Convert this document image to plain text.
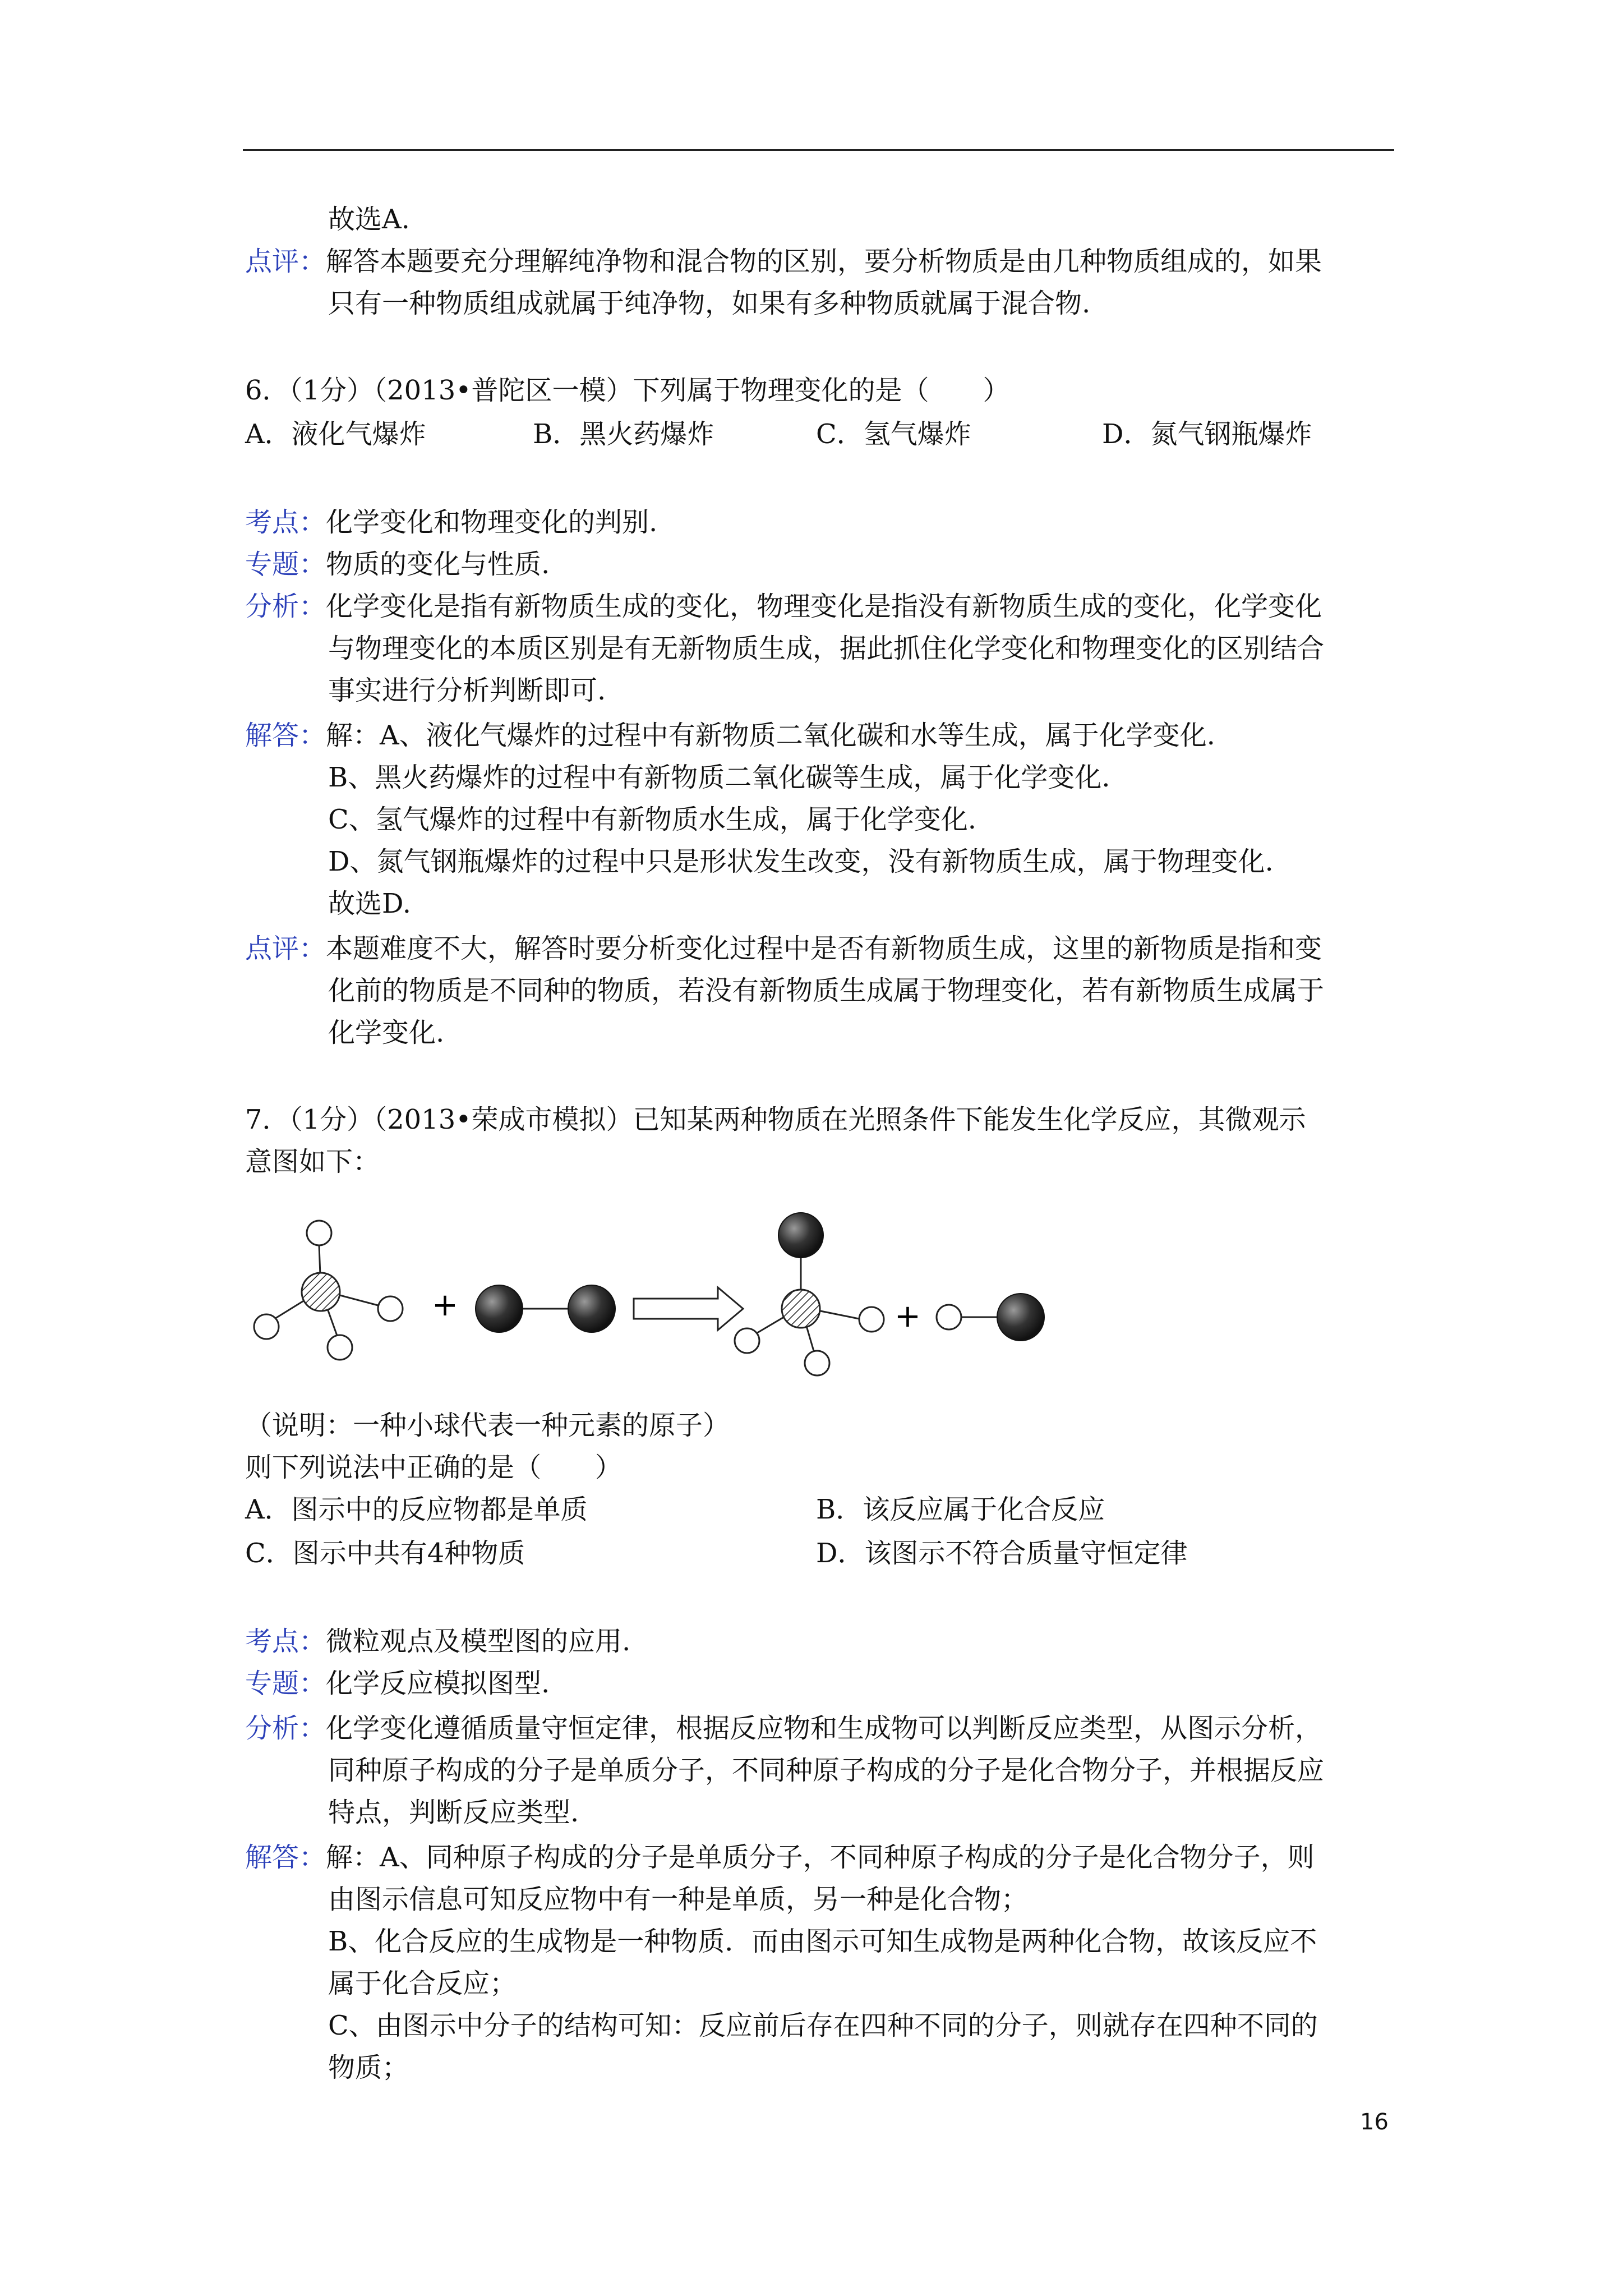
故选A.

点评：解答本题要充分理解纯净物和混合物的区别，要分析物质是由几种物质组成的，如果

只有一种物质组成就属于纯净物，如果有多种物质就属于混合物.

6．（1分）（2013•普陀区一模）下列属于物理变化的是（　　）

A．液化气爆炸	B．黑火药爆炸	C．氢气爆炸	D．氮气钢瓶爆炸

考点：化学变化和物理变化的判别.

专题：物质的变化与性质.

分析：化学变化是指有新物质生成的变化，物理变化是指没有新物质生成的变化，化学变化

与物理变化的本质区别是有无新物质生成，据此抓住化学变化和物理变化的区别结合

事实进行分析判断即可.

解答：解：A、液化气爆炸的过程中有新物质二氧化碳和水等生成，属于化学变化.

B、黑火药爆炸的过程中有新物质二氧化碳等生成，属于化学变化.

C、氢气爆炸的过程中有新物质水生成，属于化学变化.

D、氮气钢瓶爆炸的过程中只是形状发生改变，没有新物质生成，属于物理变化.

故选D.

点评：本题难度不大，解答时要分析变化过程中是否有新物质生成，这里的新物质是指和变

化前的物质是不同种的物质，若没有新物质生成属于物理变化，若有新物质生成属于

化学变化.

7．（1分）（2013•荣成市模拟）已知某两种物质在光照条件下能发生化学反应，其微观示

意图如下：

+	+

（说明：一种小球代表一种元素的原子）

则下列说法中正确的是（　　）

A．图示中的反应物都是单质	B．该反应属于化合反应
C．图示中共有4种物质	D．该图示不符合质量守恒定律

考点：微粒观点及模型图的应用.

专题：化学反应模拟图型.

分析：化学变化遵循质量守恒定律，根据反应物和生成物可以判断反应类型，从图示分析，

同种原子构成的分子是单质分子，不同种原子构成的分子是化合物分子，并根据反应

特点，判断反应类型.

解答：解：A、同种原子构成的分子是单质分子，不同种原子构成的分子是化合物分子，则

由图示信息可知反应物中有一种是单质，另一种是化合物；

B、化合反应的生成物是一种物质．而由图示可知生成物是两种化合物，故该反应不

属于化合反应；

C、由图示中分子的结构可知：反应前后存在四种不同的分子，则就存在四种不同的

物质；

16
